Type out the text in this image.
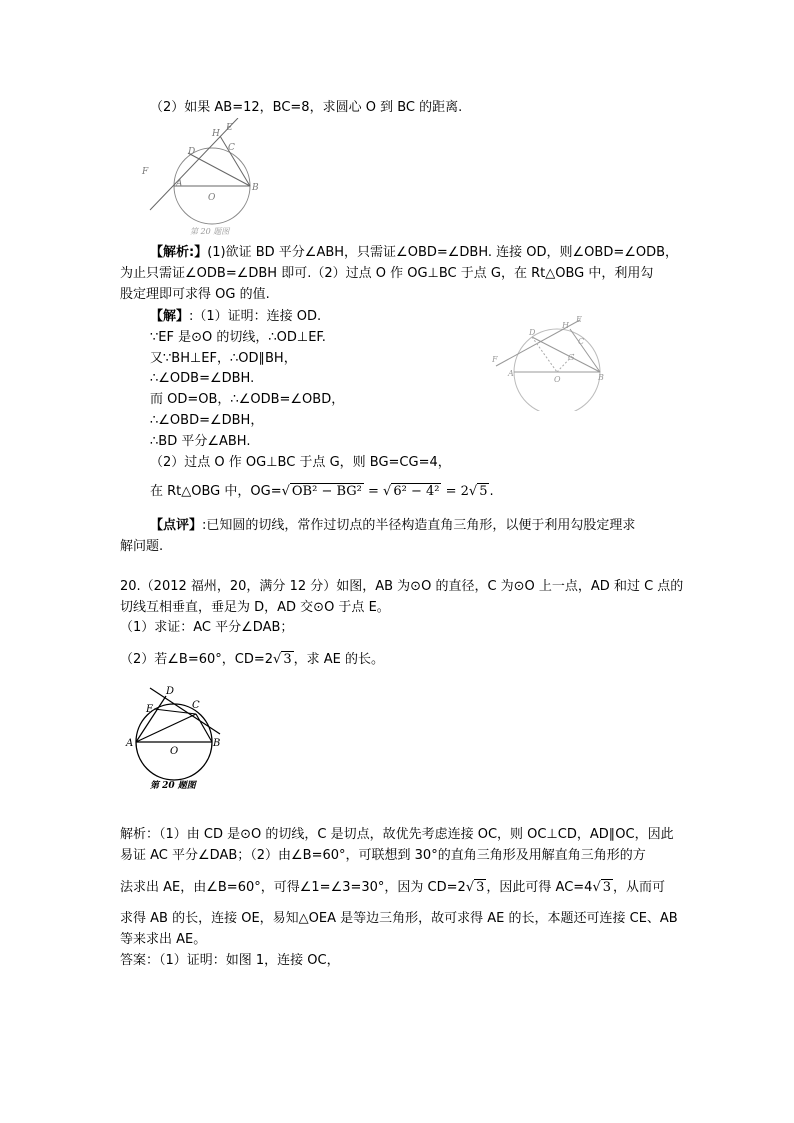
（2）如果 AB=12，BC=8，求圆心 O 到 BC 的距离.
F
A
D
H
E
C
B
O
第 20 题图
【解析:】(1)欲证 BD 平分∠ABH，只需证∠OBD=∠DBH. 连接 OD，则∠OBD=∠ODB，
为止只需证∠ODB=∠DBH 即可.（2）过点 O 作 OG⊥BC 于点 G，在 Rt△OBG 中，利用勾
股定理即可求得 OG 的值.
【解】:（1）证明：连接 OD.
∵EF 是⊙O 的切线，∴OD⊥EF.
又∵BH⊥EF，∴OD∥BH，
∴∠ODB=∠DBH.
而 OD=OB，∴∠ODB=∠OBD，
∴∠OBD=∠DBH，
∴BD 平分∠ABH.
（2）过点 O 作 OG⊥BC 于点 G，则 BG=CG=4，
在 Rt△OBG 中，OG=√ OB² − BG² = √ 6² − 4² = 2√ 5 .
F
A
D
H
E
C
G
B
O
【点评】:已知圆的切线，常作过切点的半径构造直角三角形，以便于利用勾股定理求
解问题.
20.（2012 福州，20，满分 12 分）如图，AB 为⊙O 的直径，C 为⊙O 上一点，AD 和过 C 点的
切线互相垂直，垂足为 D，AD 交⊙O 于点 E。
（1）求证：AC 平分∠DAB；
（2）若∠B=60°，CD=2√ 3 ，求 AE 的长。
A	B
C
D
E
O
第 20 题图
解析：（1）由 CD 是⊙O 的切线，C 是切点，故优先考虑连接 OC，则 OC⊥CD，AD∥OC，因此
易证 AC 平分∠DAB；（2）由∠B=60°，可联想到 30°的直角三角形及用解直角三角形的方
法求出 AE，由∠B=60°，可得∠1=∠3=30°，因为 CD=2√ 3 ，因此可得 AC=4√ 3 ，从而可
求得 AB 的长，连接 OE，易知△OEA 是等边三角形，故可求得 AE 的长，本题还可连接 CE、AB
等来求出 AE。
答案：（1）证明：如图 1，连接 OC，
